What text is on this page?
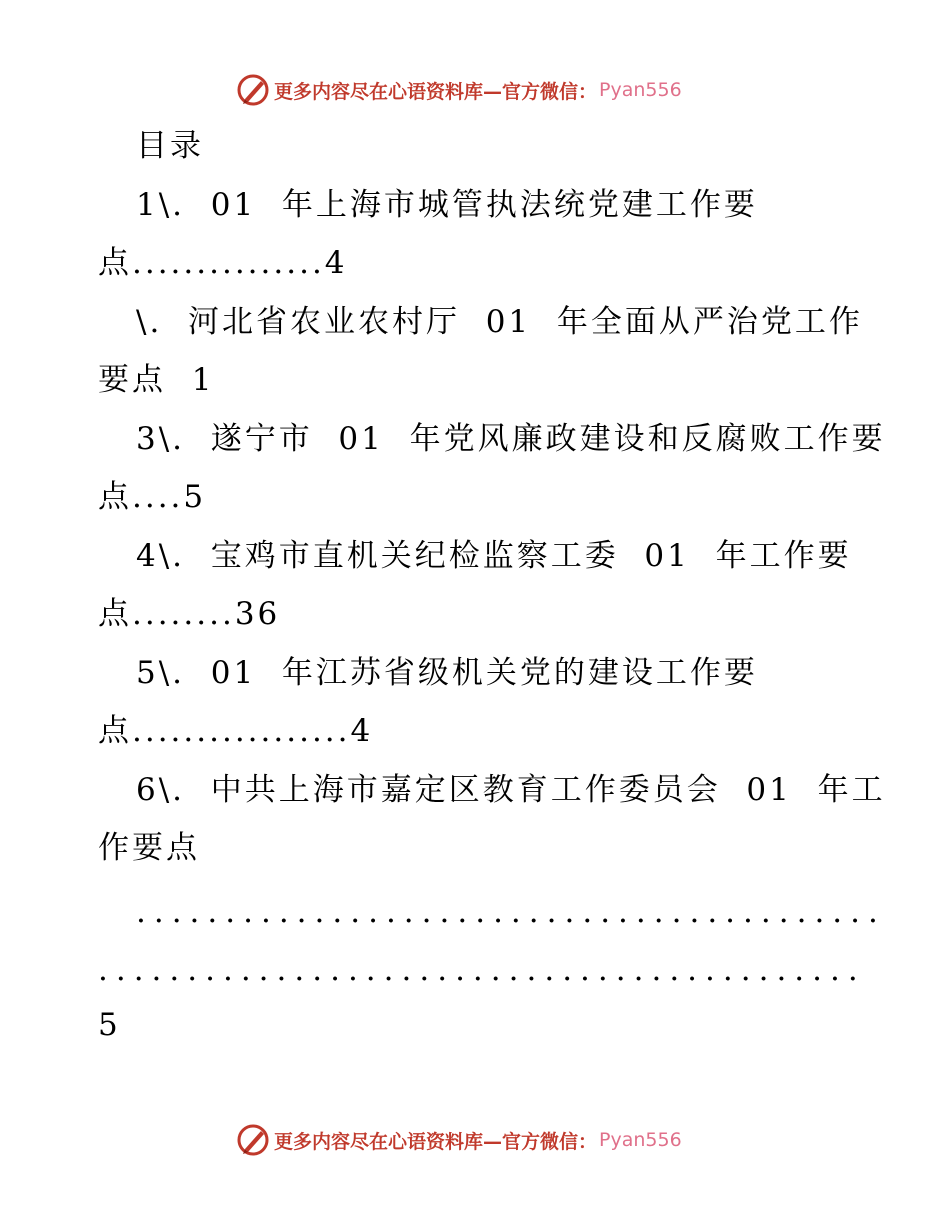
更多内容尽在心语资料库—官方微信： Pyan556
目录
1\.  01  年上海市城管执法统党建工作要
点...............4
\.  河北省农业农村厅  01  年全面从严治党工作
要点  1
3\.  遂宁市  01  年党风廉政建设和反腐败工作要
点....5
4\.  宝鸡市直机关纪检监察工委  01  年工作要
点........36
5\.  01  年江苏省级机关党的建设工作要
点.................4
6\.  中共上海市嘉定区教育工作委员会  01  年工
作要点
..........................................
...........................................
5
更多内容尽在心语资料库—官方微信： Pyan556
